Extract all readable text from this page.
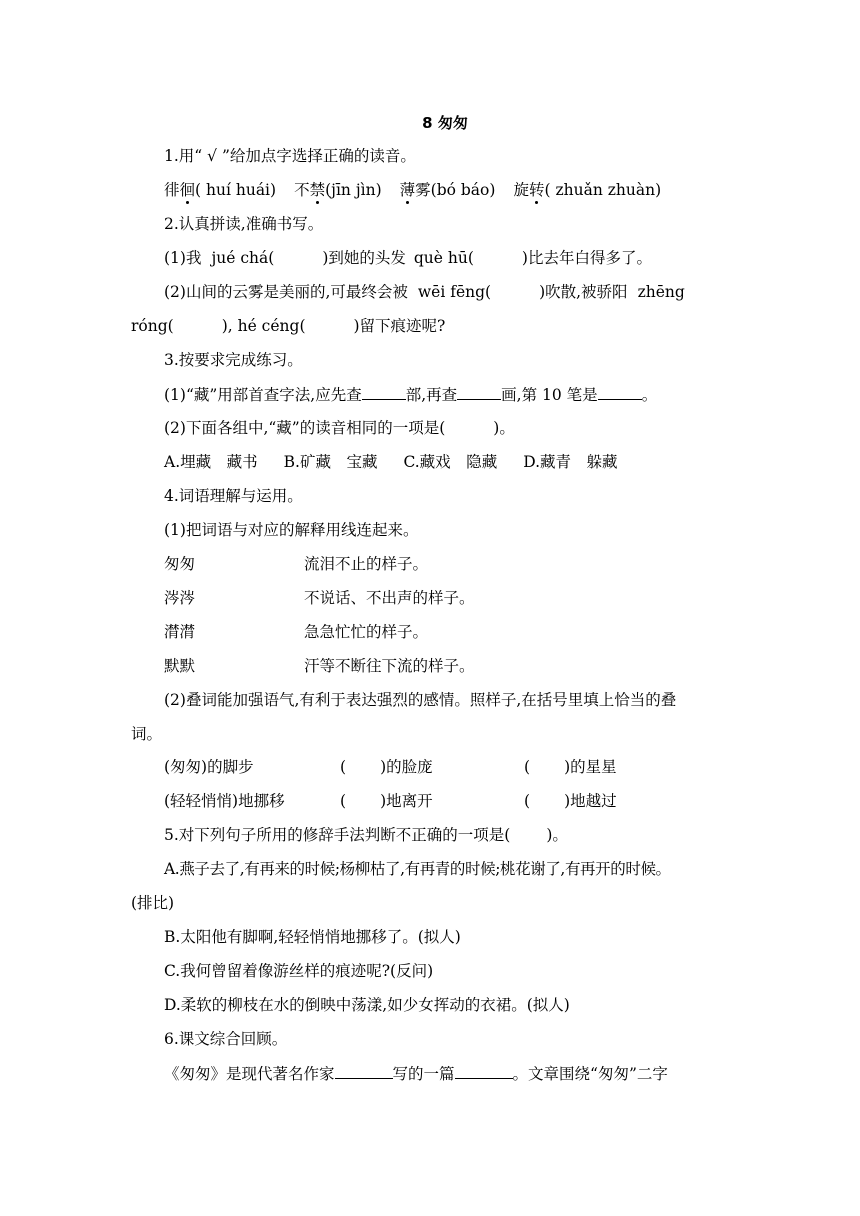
8 匆匆
1.用“ √ ”给加点字选择正确的读音。
徘徊( huí huái) 不禁(jīn jìn) 薄雾(bó báo) 旋转( zhuǎn zhuàn)
2.认真拼读,准确书写。
(1)我 jué chá(	)到她的头发 què hū(	)比去年白得多了。
(2)山间的云雾是美丽的,可最终会被 wēi fēng(	)吹散,被骄阳 zhēng
róng(	), hé céng(	)留下痕迹呢?
3.按要求完成练习。
(1)“藏”用部首查字法,应先查	部,再查	画,第 10 笔是	。
(2)下面各组中,“藏”的读音相同的一项是(	)。
A.埋藏　藏书 B.矿藏　宝藏 C.藏戏　隐藏 D.藏青　躲藏
4.词语理解与运用。
(1)把词语与对应的解释用线连起来。
匆匆	流泪不止的样子。
涔涔	不说话、不出声的样子。
潸潸	急急忙忙的样子。
默默	汗等不断往下流的样子。
(2)叠词能加强语气,有利于表达强烈的感情。照样子,在括号里填上恰当的叠
词。
(匆匆)的脚步	( )的脸庞	( )的星星
(轻轻悄悄)地挪移	( )地离开	( )地越过
5.对下列句子所用的修辞手法判断不正确的一项是( )。
A.燕子去了,有再来的时候;杨柳枯了,有再青的时候;桃花谢了,有再开的时候。
(排比)
B.太阳他有脚啊,轻轻悄悄地挪移了。(拟人)
C.我何曾留着像游丝样的痕迹呢?(反问)
D.柔软的柳枝在水的倒映中荡漾,如少女挥动的衣裙。(拟人)
6.课文综合回顾。
《匆匆》是现代著名作家	写的一篇	。文章围绕“匆匆”二字
